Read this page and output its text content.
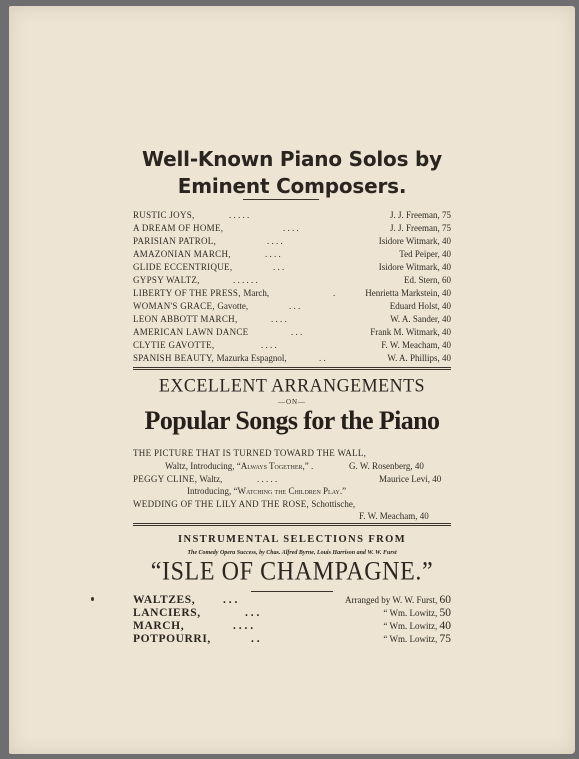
Well-Known Piano Solos by
Eminent Composers.
RUSTIC JOYS,	. . . . .	J. J. Freeman, 75
A DREAM OF HOME,	. . . .	J. J. Freeman, 75
PARISIAN PATROL,	. . . .	Isidore Witmark, 40
AMAZONIAN MARCH,	. . . .	Ted Peiper, 40
GLIDE ECCENTRIQUE,	. . .	Isidore Witmark, 40
GYPSY WALTZ,	. . . . . .	Ed. Stern, 60
LIBERTY OF THE PRESS, March,	.	Henrietta Markstein, 40
WOMAN'S GRACE, Gavotte,	. . .	Eduard Holst, 40
LEON ABBOTT MARCH,	. . . .	W. A. Sander, 40
AMERICAN LAWN DANCE	. . .	Frank M. Witmark, 40
CLYTIE GAVOTTE,	. . . .	F. W. Meacham, 40
SPANISH BEAUTY, Mazurka Espagnol,	. .	W. A. Phillips, 40
EXCELLENT ARRANGEMENTS
—ON—
Popular Songs for the Piano
THE PICTURE THAT IS TURNED TOWARD THE WALL,
Waltz, Introducing, “Always Together,” .	G. W. Rosenberg, 40
PEGGY CLINE, Waltz,	. . . . .	Maurice Levi, 40
Introducing, “Watching the Children Play.”
WEDDING OF THE LILY AND THE ROSE, Schottische,
F. W. Meacham, 40
INSTRUMENTAL SELECTIONS FROM
The Comedy Opera Success, by Chas. Alfred Byrne, Louis Harrison and W. W. Furst
“ISLE OF CHAMPAGNE.”
WALTZES, . . .	Arranged by W. W. Furst, 60
LANCIERS,	. . .	“ Wm. Lowitz, 50
MARCH,	. . . .	“ Wm. Lowitz, 40
POTPOURRI,	. .	“ Wm. Lowitz, 75
